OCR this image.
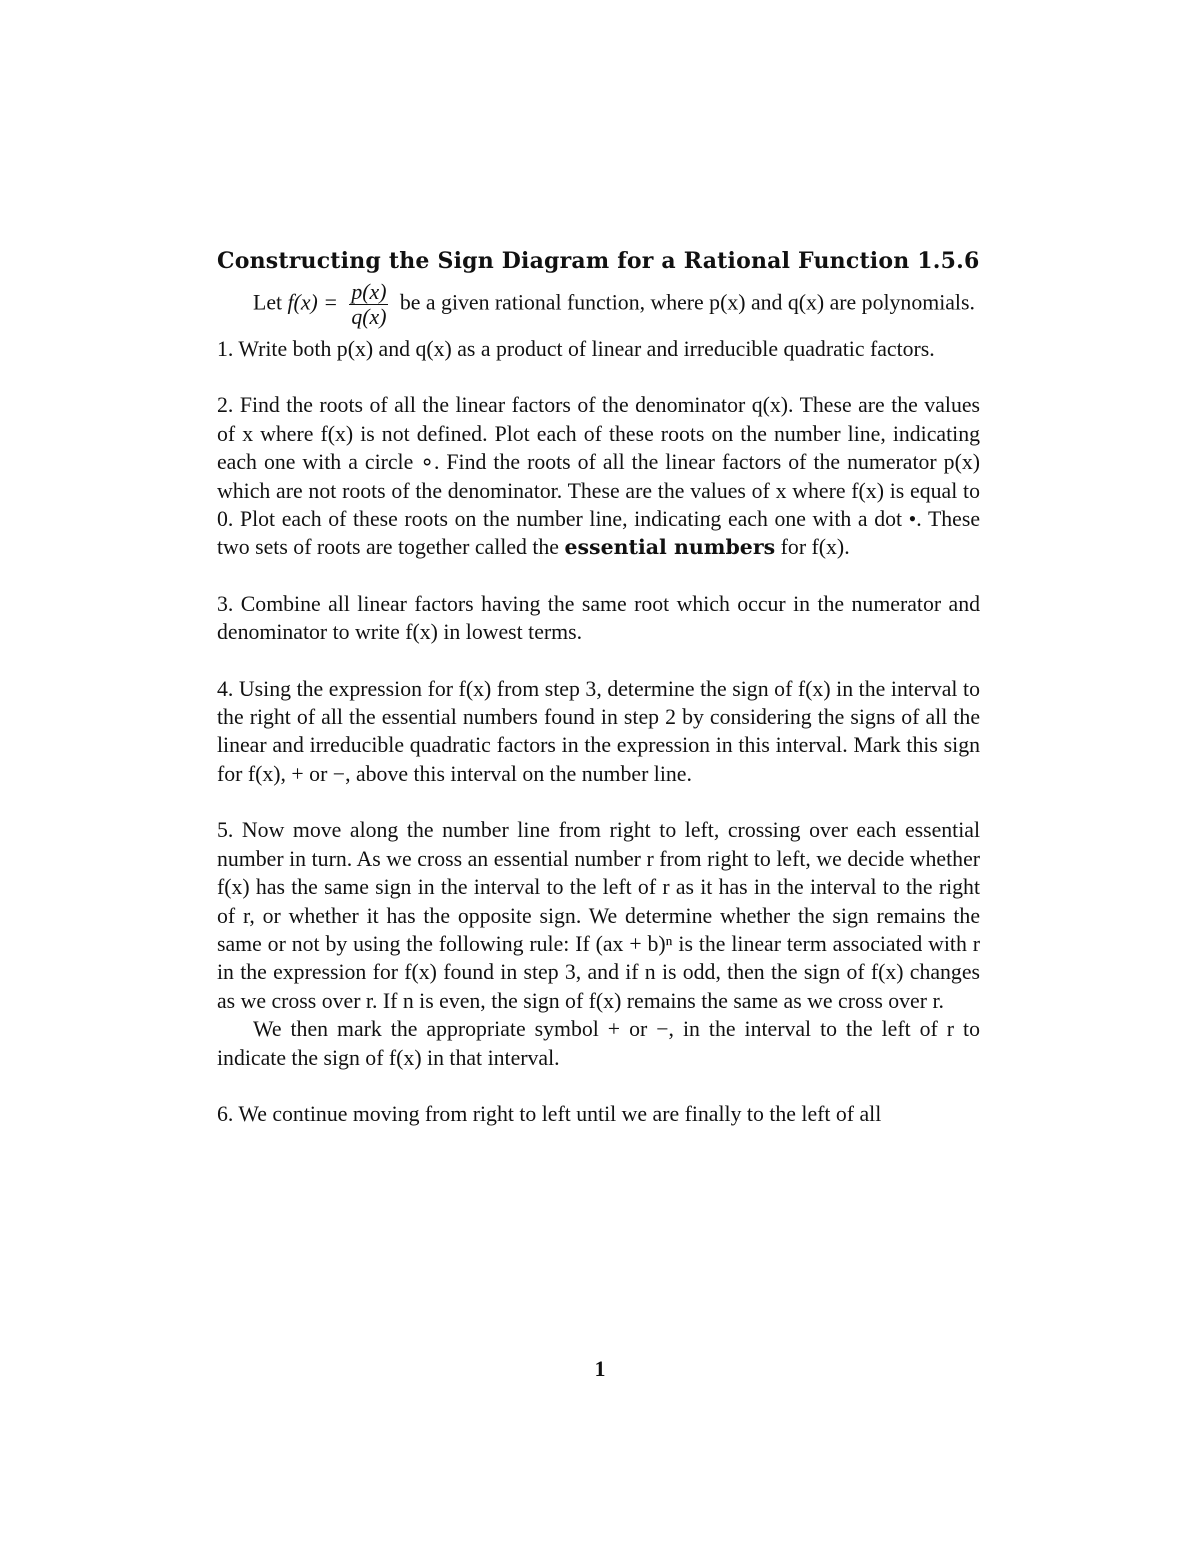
Constructing the Sign Diagram for a Rational Function 1.5.6

Let $f(x) = \frac{p(x)}{q(x)}$ be a given rational function, where p(x) and q(x) are polynomials.

1. Write both p(x) and q(x) as a product of linear and irreducible quadratic factors.

2. Find the roots of all the linear factors of the denominator q(x). These are the values of x where f(x) is not defined. Plot each of these roots on the number line, indicating each one with a circle ∘. Find the roots of all the linear factors of the numerator p(x) which are not roots of the denominator. These are the values of x where f(x) is equal to 0. Plot each of these roots on the number line, indicating each one with a dot •. These two sets of roots are together called the essential numbers for f(x).

3. Combine all linear factors having the same root which occur in the numerator and denominator to write f(x) in lowest terms.

4. Using the expression for f(x) from step 3, determine the sign of f(x) in the interval to the right of all the essential numbers found in step 2 by considering the signs of all the linear and irreducible quadratic factors in the expression in this interval. Mark this sign for f(x), + or −, above this interval on the number line.

5. Now move along the number line from right to left, crossing over each essential number in turn. As we cross an essential number r from right to left, we decide whether f(x) has the same sign in the interval to the left of r as it has in the interval to the right of r, or whether it has the opposite sign. We determine whether the sign remains the same or not by using the following rule: If (ax + b)ⁿ is the linear term associated with r in the expression for f(x) found in step 3, and if n is odd, then the sign of f(x) changes as we cross over r. If n is even, the sign of f(x) remains the same as we cross over r.

We then mark the appropriate symbol + or −, in the interval to the left of r to indicate the sign of f(x) in that interval.

6. We continue moving from right to left until we are finally to the left of all

1
